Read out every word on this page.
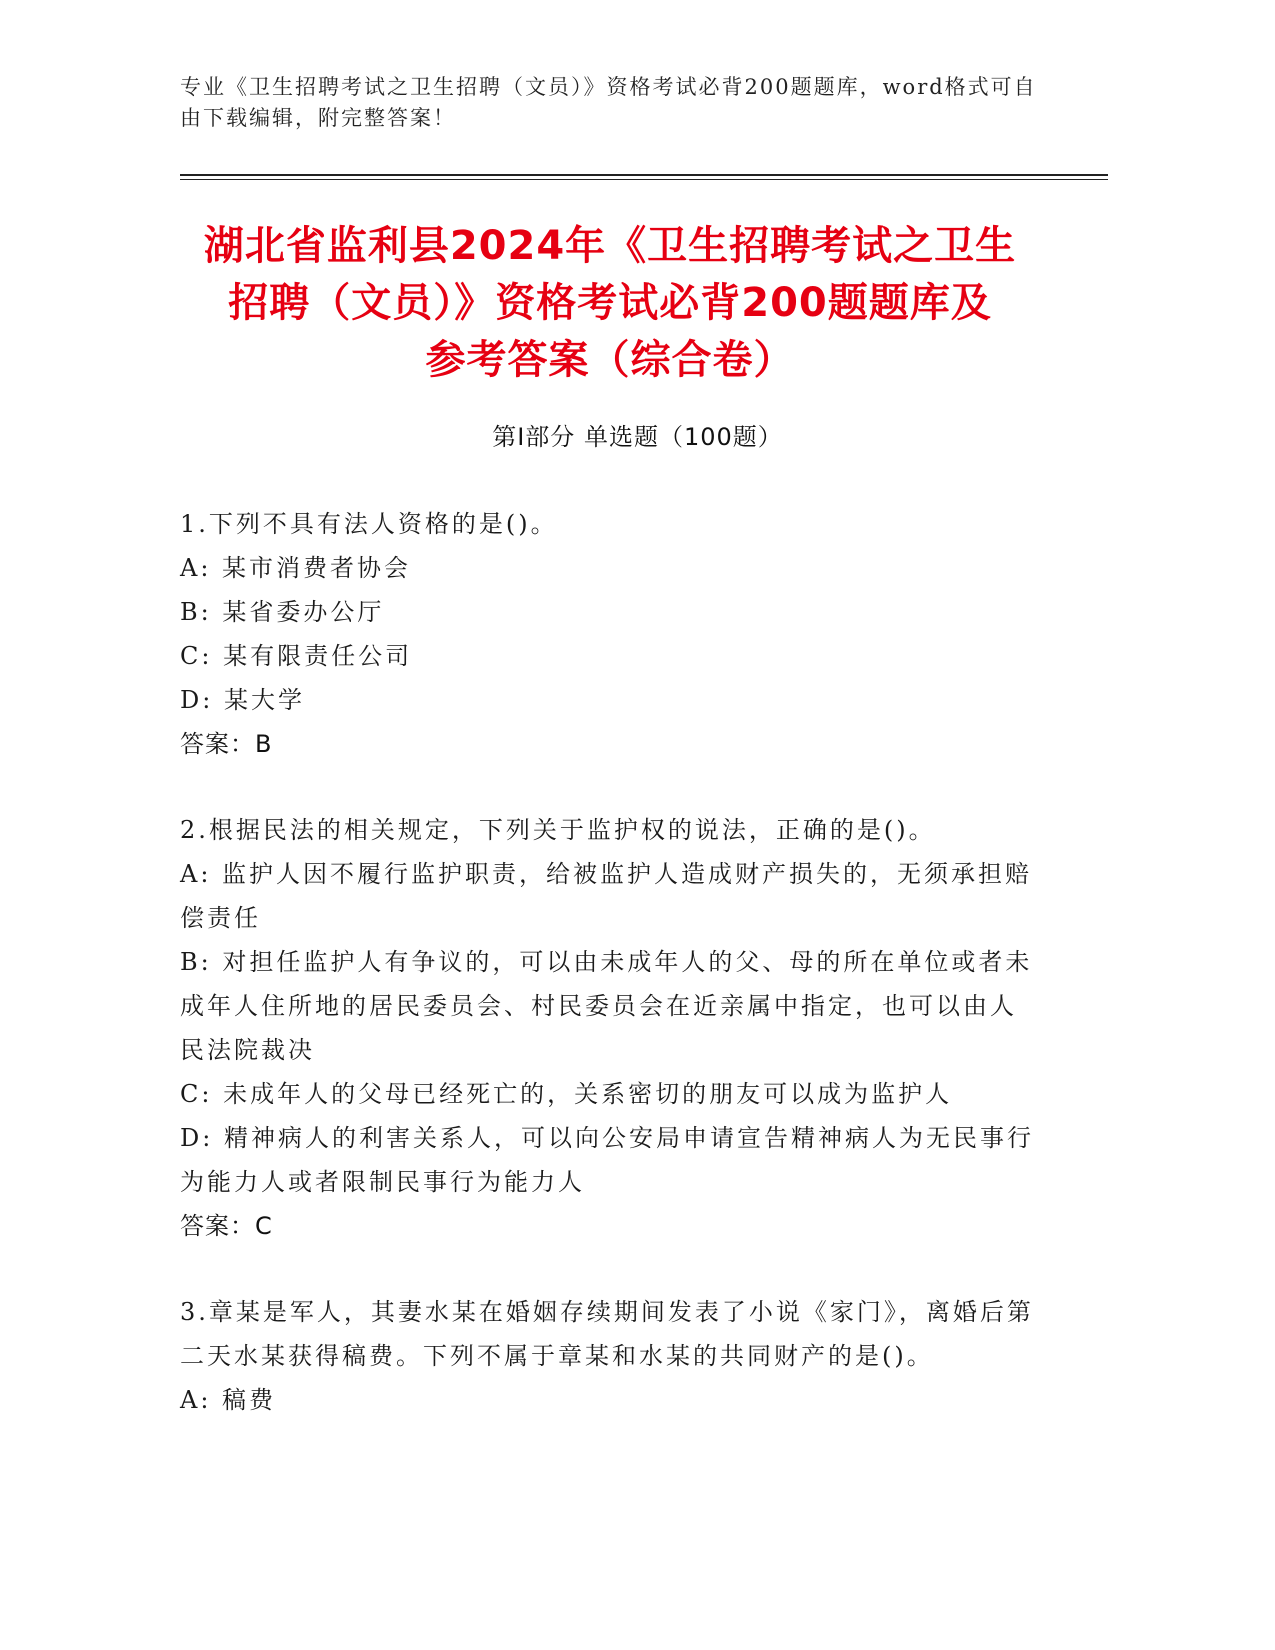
专业《卫生招聘考试之卫生招聘（文员）》资格考试必背200题题库，word格式可自由下载编辑，附完整答案！
湖北省监利县2024年《卫生招聘考试之卫生
招聘（文员）》资格考试必背200题题库及
参考答案（综合卷）
第Ⅰ部分 单选题（100题）
1.下列不具有法人资格的是()。
A: 某市消费者协会
B: 某省委办公厅
C: 某有限责任公司
D: 某大学
答案：B
2.根据民法的相关规定，下列关于监护权的说法，正确的是()。
A: 监护人因不履行监护职责，给被监护人造成财产损失的，无须承担赔偿责任
B: 对担任监护人有争议的，可以由未成年人的父、母的所在单位或者未成年人住所地的居民委员会、村民委员会在近亲属中指定，也可以由人民法院裁决
C: 未成年人的父母已经死亡的，关系密切的朋友可以成为监护人
D: 精神病人的利害关系人，可以向公安局申请宣告精神病人为无民事行为能力人或者限制民事行为能力人
答案：C
3.章某是军人，其妻水某在婚姻存续期间发表了小说《家门》，离婚后第二天水某获得稿费。下列不属于章某和水某的共同财产的是()。
A: 稿费
